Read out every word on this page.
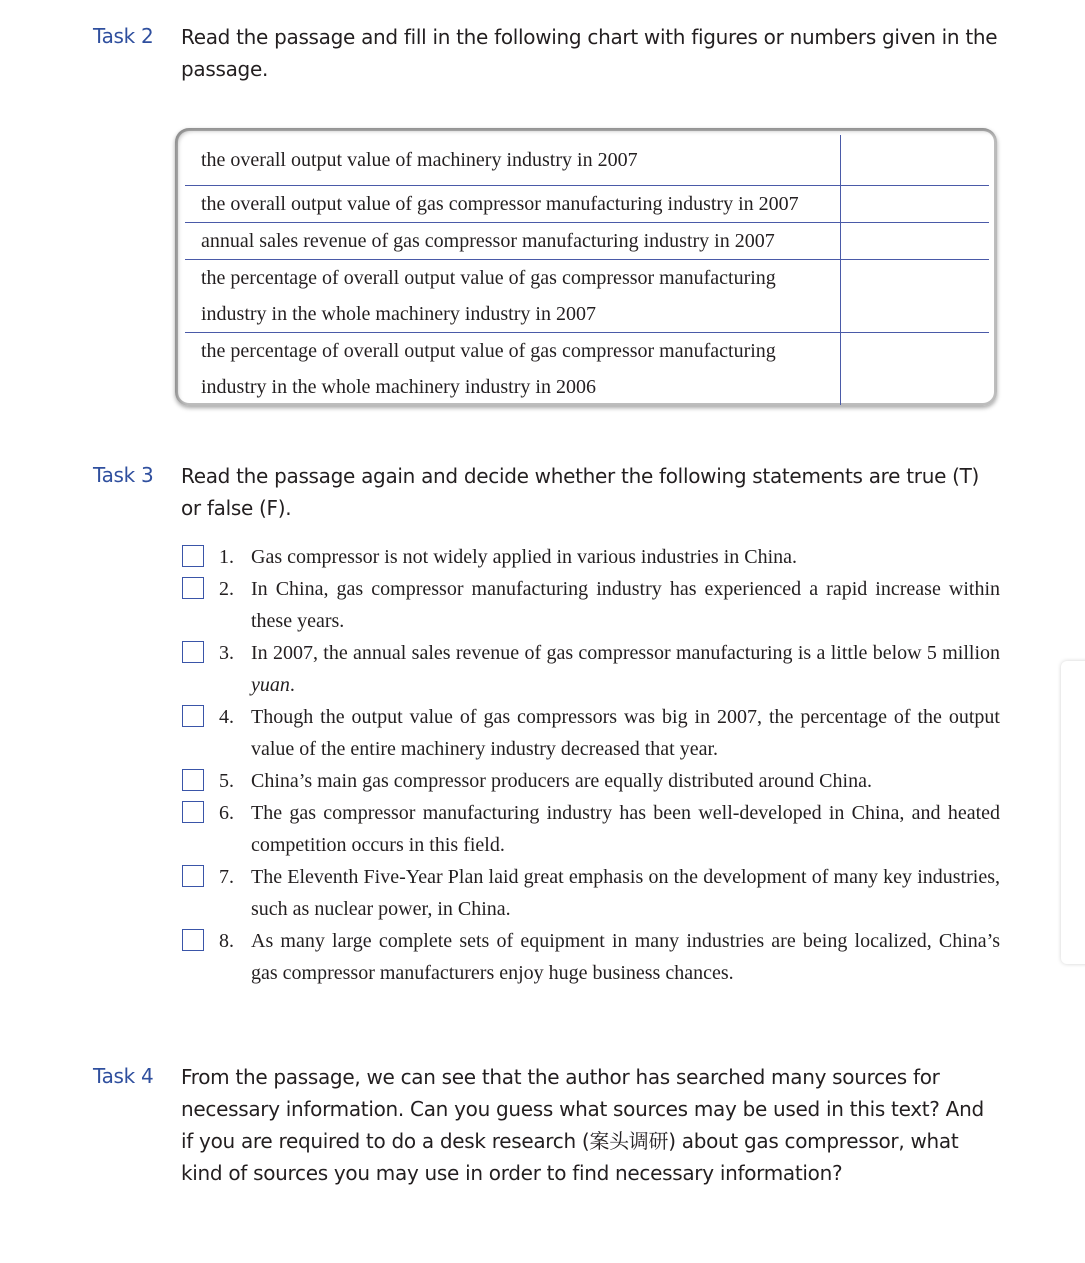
Task 2 Read the passage and fill in the following chart with figures or numbers given in the passage.
the overall output value of machinery industry in 2007	
the overall output value of gas compressor manufacturing industry in 2007	
annual sales revenue of gas compressor manufacturing industry in 2007	

the percentage of overall output value of gas compressor manufacturing
industry in the whole machinery industry in 2007	

the percentage of overall output value of gas compressor manufacturing
industry in the whole machinery industry in 2006	

Task 3 Read the passage again and decide whether the following statements are true (T) or false (F).
1. Gas compressor is not widely applied in various industries in China.
2. In China, gas compressor manufacturing industry has experienced a rapid increase within these years.
3. In 2007, the annual sales revenue of gas compressor manufacturing is a little below 5 million yuan.
4. Though the output value of gas compressors was big in 2007, the percentage of the output value of the entire machinery industry decreased that year.
5. China’s main gas compressor producers are equally distributed around China.
6. The gas compressor manufacturing industry has been well-developed in China, and heated competition occurs in this field.
7. The Eleventh Five-Year Plan laid great emphasis on the development of many key industries, such as nuclear power, in China.
8. As many large complete sets of equipment in many industries are being localized, China’s gas compressor manufacturers enjoy huge business chances.
Task 4 From the passage, we can see that the author has searched many sources for necessary information. Can you guess what sources may be used in this text? And if you are required to do a desk research (案头调研) about gas compressor, what kind of sources you may use in order to find necessary information?
